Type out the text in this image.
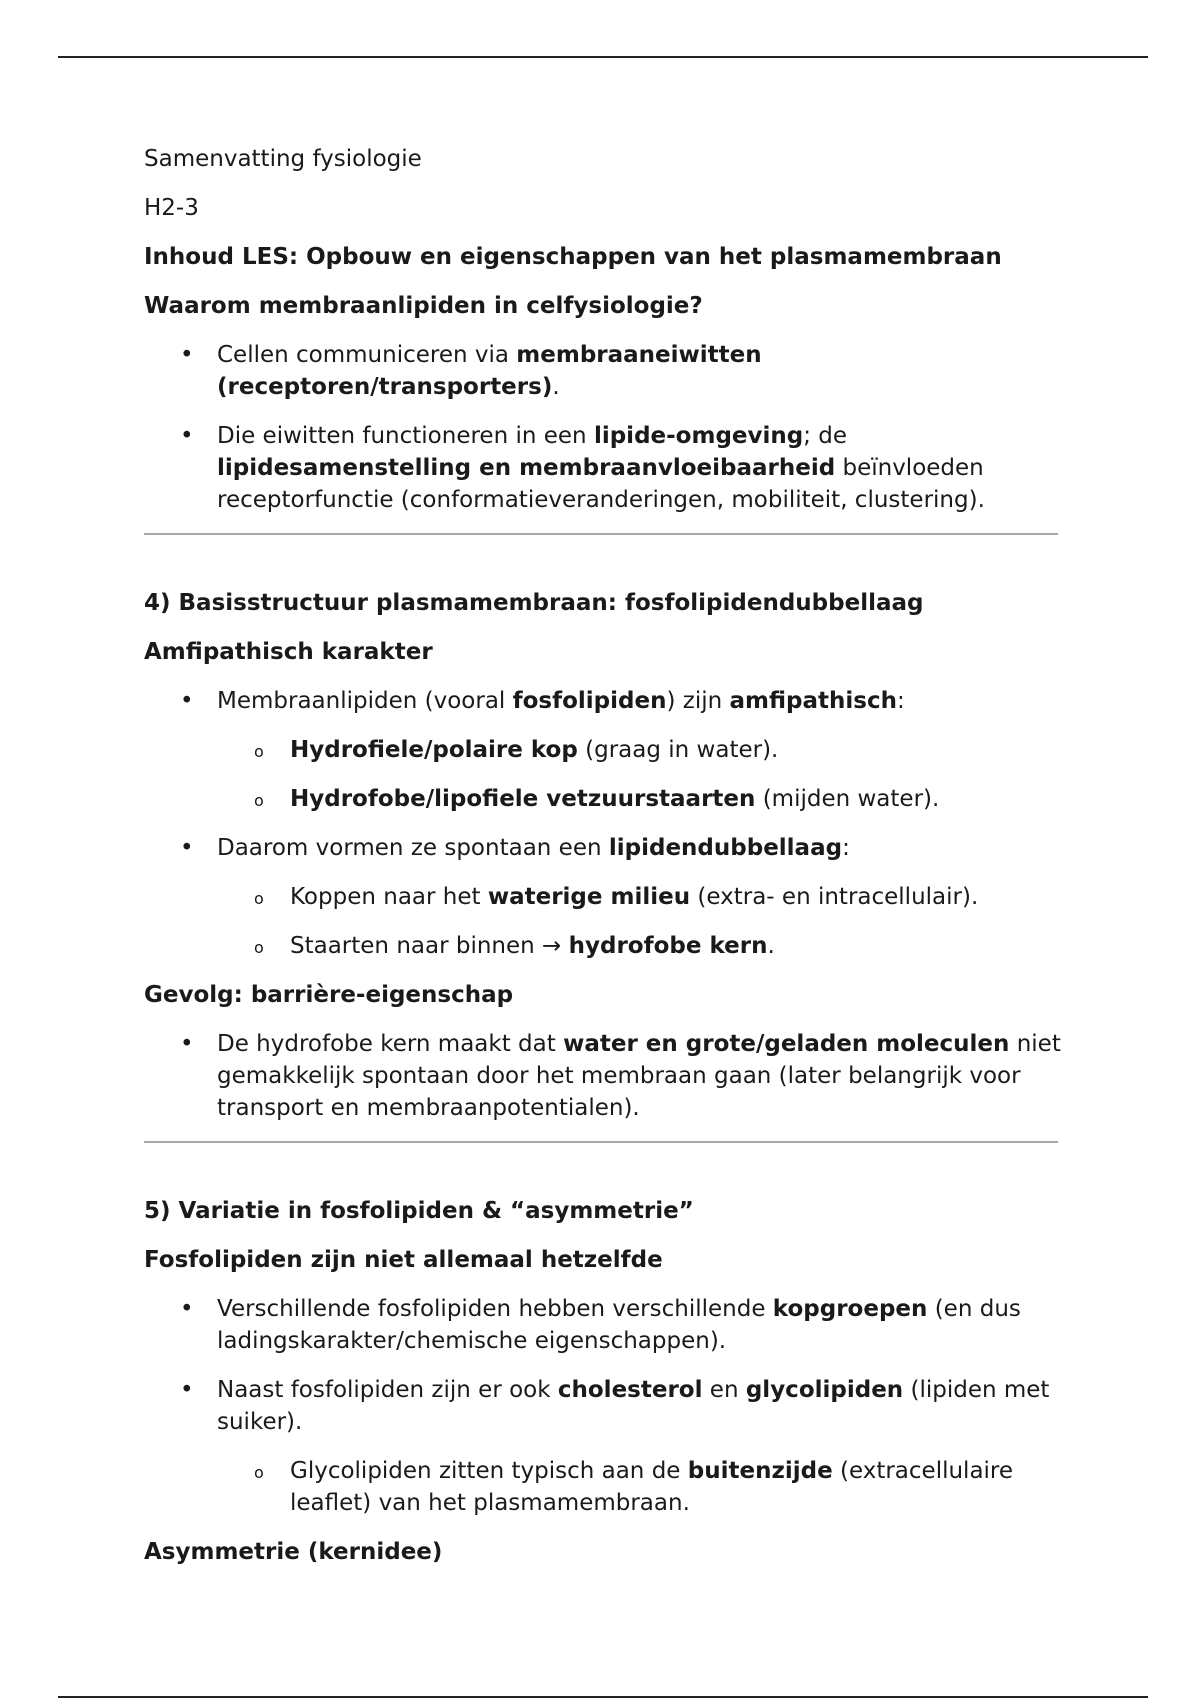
Samenvatting fysiologie

H2-3

Inhoud LES: Opbouw en eigenschappen van het plasmamembraan

Waarom membraanlipiden in celfysiologie?

• Cellen communiceren via membraaneiwitten (receptoren/transporters).
• Die eiwitten functioneren in een lipide-omgeving; de lipidesamenstelling en membraanvloeibaarheid beïnvloeden receptorfunctie (conformatieveranderingen, mobiliteit, clustering).

4) Basisstructuur plasmamembraan: fosfolipidendubbellaag

Amfipathisch karakter

• Membraanlipiden (vooral fosfolipiden) zijn amfipathisch:
o Hydrofiele/polaire kop (graag in water).
o Hydrofobe/lipofiele vetzuurstaarten (mijden water).
• Daarom vormen ze spontaan een lipidendubbellaag:
o Koppen naar het waterige milieu (extra- en intracellulair).
o Staarten naar binnen → hydrofobe kern.

Gevolg: barrière-eigenschap

• De hydrofobe kern maakt dat water en grote/geladen moleculen niet gemakkelijk spontaan door het membraan gaan (later belangrijk voor transport en membraanpotentialen).

5) Variatie in fosfolipiden & “asymmetrie”

Fosfolipiden zijn niet allemaal hetzelfde

• Verschillende fosfolipiden hebben verschillende kopgroepen (en dus ladingskarakter/chemische eigenschappen).
• Naast fosfolipiden zijn er ook cholesterol en glycolipiden (lipiden met suiker).
o Glycolipiden zitten typisch aan de buitenzijde (extracellulaire leaflet) van het plasmamembraan.

Asymmetrie (kernidee)
